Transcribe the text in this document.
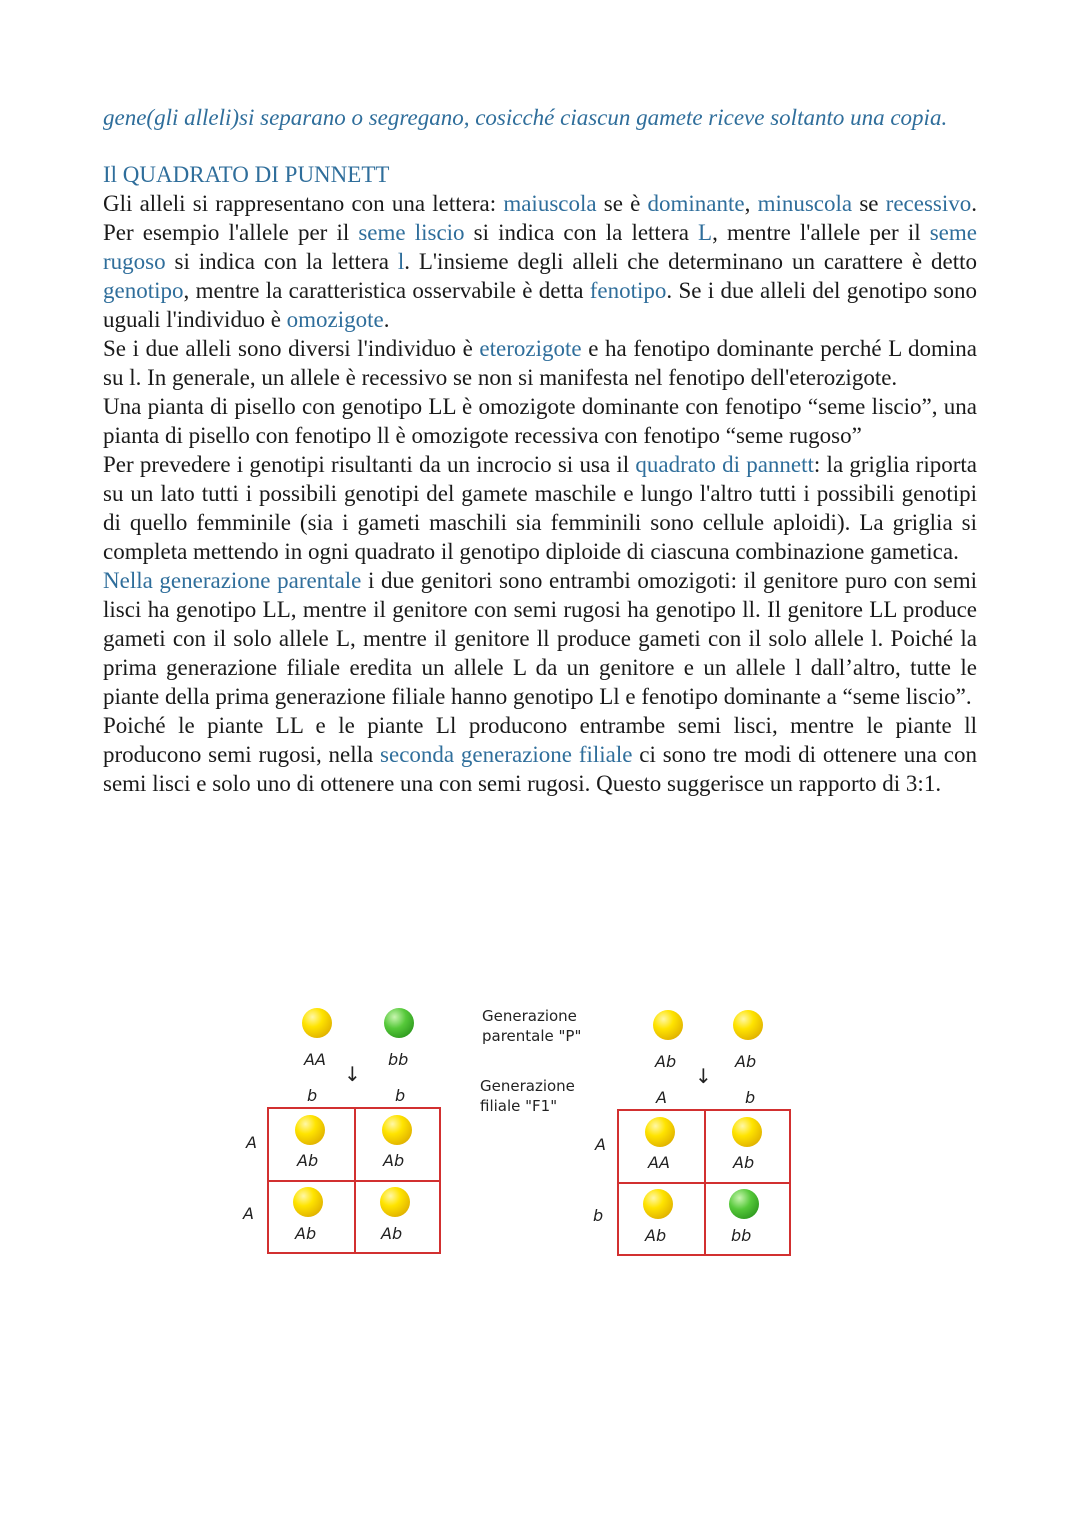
gene(gli alleli)si separano o segregano, cosicché ciascun gamete riceve soltanto una copia.

Il QUADRATO DI PUNNETT

Gli alleli si rappresentano con una lettera: maiuscola se è dominante, minuscola se recessivo. Per esempio l'allele per il seme liscio si indica con la lettera L, mentre l'allele per il seme rugoso si indica con la lettera l. L'insieme degli alleli che determinano un carattere è detto genotipo, mentre la caratteristica osservabile è detta fenotipo. Se i due alleli del genotipo sono uguali l'individuo è omozigote.

Se i due alleli sono diversi l'individuo è eterozigote e ha fenotipo dominante perché L domina su l. In generale, un allele è recessivo se non si manifesta nel fenotipo dell'eterozigote.

Una pianta di pisello con genotipo LL è omozigote dominante con fenotipo “seme liscio”, una pianta di pisello con fenotipo ll è omozigote recessiva con fenotipo “seme rugoso”

Per prevedere i genotipi risultanti da un incrocio si usa il quadrato di pannett: la griglia riporta su un lato tutti i possibili genotipi del gamete maschile e lungo l'altro tutti i possibili genotipi di quello femminile (sia i gameti maschili sia femminili sono cellule aploidi). La griglia si completa mettendo in ogni quadrato il genotipo diploide di ciascuna combinazione gametica.

Nella generazione parentale i due genitori sono entrambi omozigoti: il genitore puro con semi lisci ha genotipo LL, mentre il genitore con semi rugosi ha genotipo ll. Il genitore LL produce gameti con il solo allele L, mentre il genitore ll produce gameti con il solo allele l. Poiché la prima generazione filiale eredita un allele L da un genitore e un allele l dall’altro, tutte le piante della prima generazione filiale hanno genotipo Ll e fenotipo dominante a “seme liscio”.

Poiché le piante LL e le piante Ll producono entrambe semi lisci, mentre le piante ll producono semi rugosi, nella seconda generazione filiale ci sono tre modi di ottenere una con semi lisci e solo uno di ottenere una con semi rugosi. Questo suggerisce un rapporto di 3:1.

AA	bb
↓
b	b
A
A
Ab	Ab
Ab	Ab
Generazione parentale "P"
Generazione filiale "F1"
Ab	Ab
↓
A	b
A
b
AA	Ab
Ab	bb
